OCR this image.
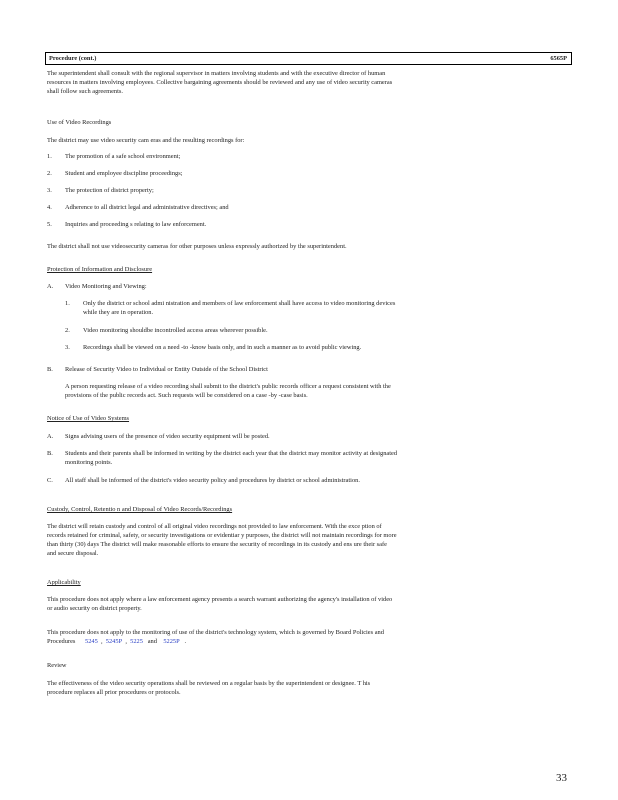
Procedure (cont.)	6565P
The superintendent shall consult with the regional supervisor in matters involving students and with the executive director of human
resources in matters involving employees. Collective bargaining agreements should be reviewed and any use of video security cameras
shall follow such agreements.
Use of Video Recordings
The district may use video security cam eras and the resulting recordings for:
1. The promotion of a safe school environment;
2. Student and employee discipline proceedings;
3. The protection of district property;
4. Adherence to all district legal and administrative directives; and
5. Inquiries and proceeding s relating to law enforcement.
The district shall not use videosecurity cameras for other purposes unless expressly authorized by the superintendent.
Protection of Information and Disclosure
A. Video Monitoring and Viewing:
1. Only the district or school admi nistration and members of law enforcement shall have access to video monitoring devices
while they are in operation.
2. Video monitoring shouldbe incontrolled access areas wherever possible.
3. Recordings shall be viewed on a need -to -know basis only, and in such a manner as to avoid public viewing.
B. Release of Security Video to Individual or Entity Outside of the School District
A person requesting release of a video recording shall submit to the district's public records officer a request consistent with the
provisions of the public records act. Such requests will be considered on a case -by -case basis.
Notice of Use of Video Systems
A. Signs advising users of the presence of video security equipment will be posted.
B. Students and their parents shall be informed in writing by the district each year that the district may monitor activity at designated
monitoring points.
C. All staff shall be informed of the district's video security policy and procedures by district or school administration.
Custody, Control, Retentio n and Disposal of Video Records/Recordings
The district will retain custody and control of all original video recordings not provided to law enforcement. With the exce ption of
records retained for criminal, safety, or security investigations or evidentiar y purposes, the district will not maintain recordings for more
than thirty (30) days The district will make reasonable efforts to ensure the security of recordings in its custody and ens ure their safe
and secure disposal.
Applicability
This procedure does not apply where a law enforcement agency presents a search warrant authorizing the agency's installation of video
or audio security on district property.
This procedure does not apply to the monitoring of use of the district's technology system, which is governed by Board Policies and
Procedures 5245  ,  5245P  ,  5225   and    5225P .
Review
The effectiveness of the video security operations shall be reviewed on a regular basis by the superintendent or designee. T his
procedure replaces all prior procedures or protocols.
33
